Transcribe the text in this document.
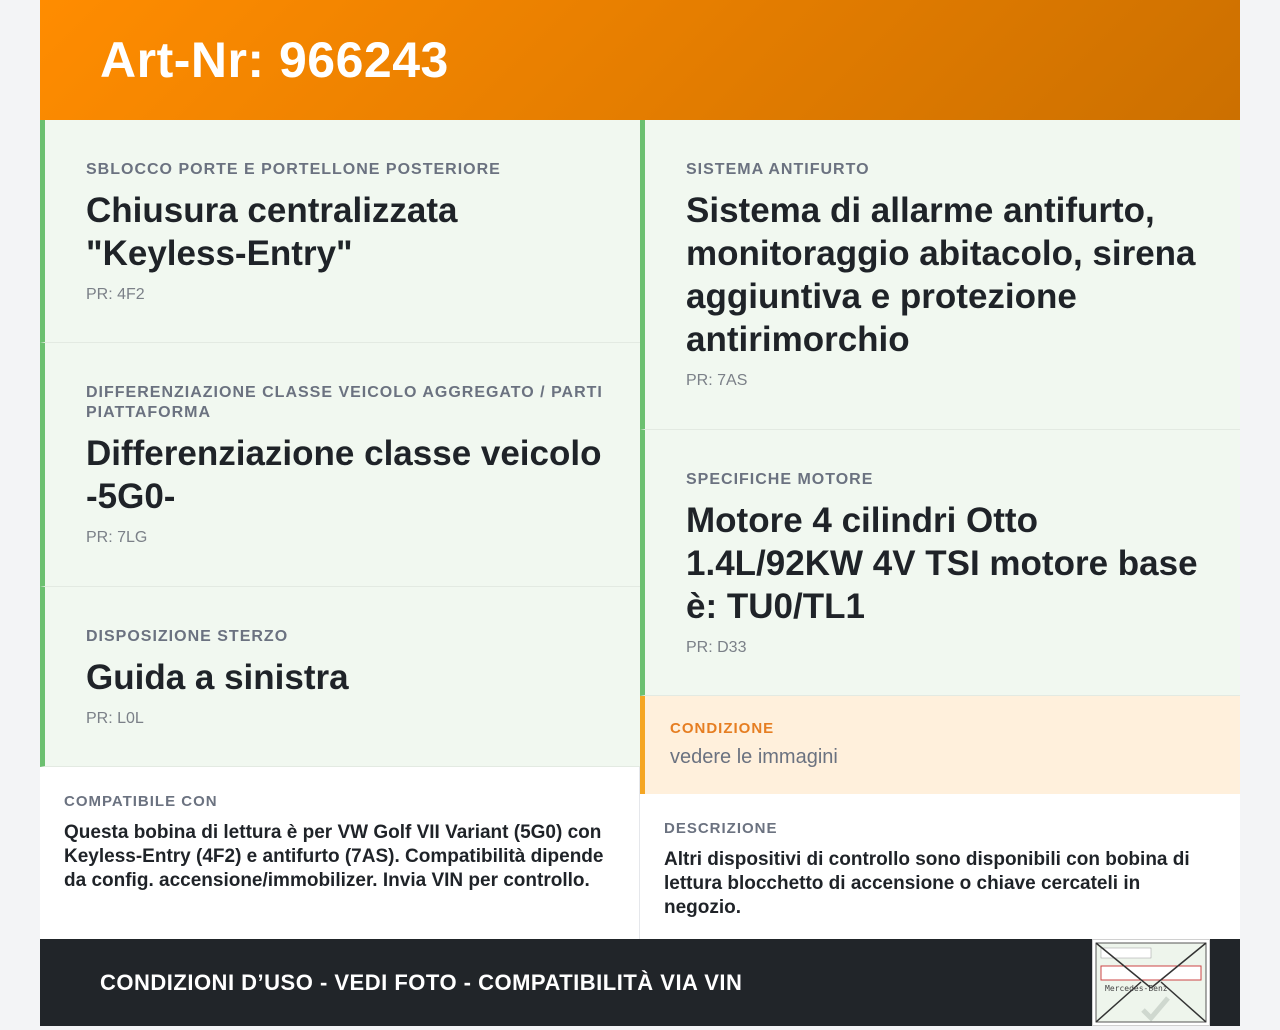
Art-Nr: 966243
SBLOCCO PORTE E PORTELLONE POSTERIORE
Chiusura centralizzata "Keyless-Entry"
PR: 4F2
DIFFERENZIAZIONE CLASSE VEICOLO AGGREGATO / PARTI PIATTAFORMA
Differenziazione classe veicolo -5G0-
PR: 7LG
DISPOSIZIONE STERZO
Guida a sinistra
PR: L0L
COMPATIBILE CON
Questa bobina di lettura è per VW Golf VII Variant (5G0) con Keyless-Entry (4F2) e antifurto (7AS). Compatibilità dipende da config. accensione/immobilizer. Invia VIN per controllo.
SISTEMA ANTIFURTO
Sistema di allarme antifurto, monitoraggio abitacolo, sirena aggiuntiva e protezione antirimorchio
PR: 7AS
SPECIFICHE MOTORE
Motore 4 cilindri Otto 1.4L/92KW 4V TSI motore base è: TU0/TL1
PR: D33
CONDIZIONE
vedere le immagini
DESCRIZIONE
Altri dispositivi di controllo sono disponibili con bobina di lettura blocchetto di accensione o chiave cercateli in negozio.
CONDIZIONI D’USO - VEDI FOTO - COMPATIBILITÀ VIA VIN	Mercedes-Benz
